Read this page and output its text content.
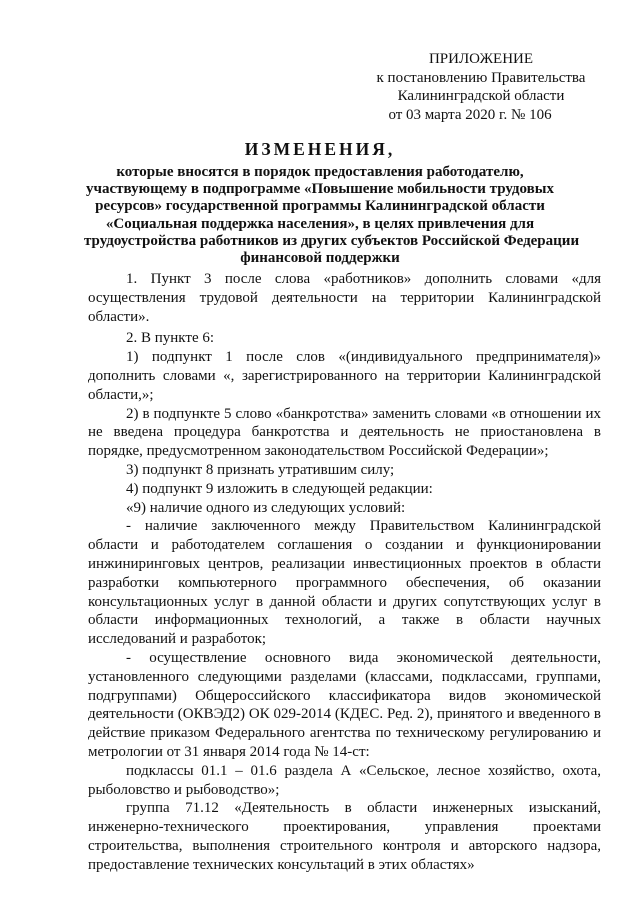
ПРИЛОЖЕНИЕ
к постановлению Правительства
Калининградской области
от 03 марта 2020 г. № 106
ИЗМЕНЕНИЯ,
которые вносятся в порядок предоставления работодателю,
участвующему в подпрограмме «Повышение мобильности трудовых
ресурсов» государственной программы Калининградской области
«Социальная поддержка населения», в целях привлечения для
трудоустройства работников из других субъектов Российской Федерации
финансовой поддержки
1. Пункт 3 после слова «работников» дополнить словами «для осуществления трудовой деятельности на территории Калининградской области».
2. В пункте 6:
1) подпункт 1 после слов «(индивидуального предпринимателя)» дополнить словами «, зарегистрированного на территории Калининградской области,»;
2) в подпункте 5 слово «банкротства» заменить словами «в отношении их не введена процедура банкротства и деятельность не приостановлена в порядке, предусмотренном законодательством Российской Федерации»;
3) подпункт 8 признать утратившим силу;
4) подпункт 9 изложить в следующей редакции:
«9) наличие одного из следующих условий:
- наличие заключенного между Правительством Калининградской области и работодателем соглашения о создании и функционировании инжиниринговых центров, реализации инвестиционных проектов в области разработки компьютерного программного обеспечения, об оказании консультационных услуг в данной области и других сопутствующих услуг в области информационных технологий, а также в области научных исследований и разработок;
- осуществление основного вида экономической деятельности, установленного следующими разделами (классами, подклассами, группами, подгруппами) Общероссийского классификатора видов экономической деятельности (ОКВЭД2) ОК 029-2014 (КДЕС. Ред. 2), принятого и введенного в действие приказом Федерального агентства по техническому регулированию и метрологии от 31 января 2014 года № 14-ст:
подклассы 01.1 – 01.6 раздела А «Сельское, лесное хозяйство, охота, рыболовство и рыбоводство»;
группа 71.12 «Деятельность в области инженерных изысканий, инженерно-технического проектирования, управления проектами строительства, выполнения строительного контроля и авторского надзора, предоставление технических консультаций в этих областях»
